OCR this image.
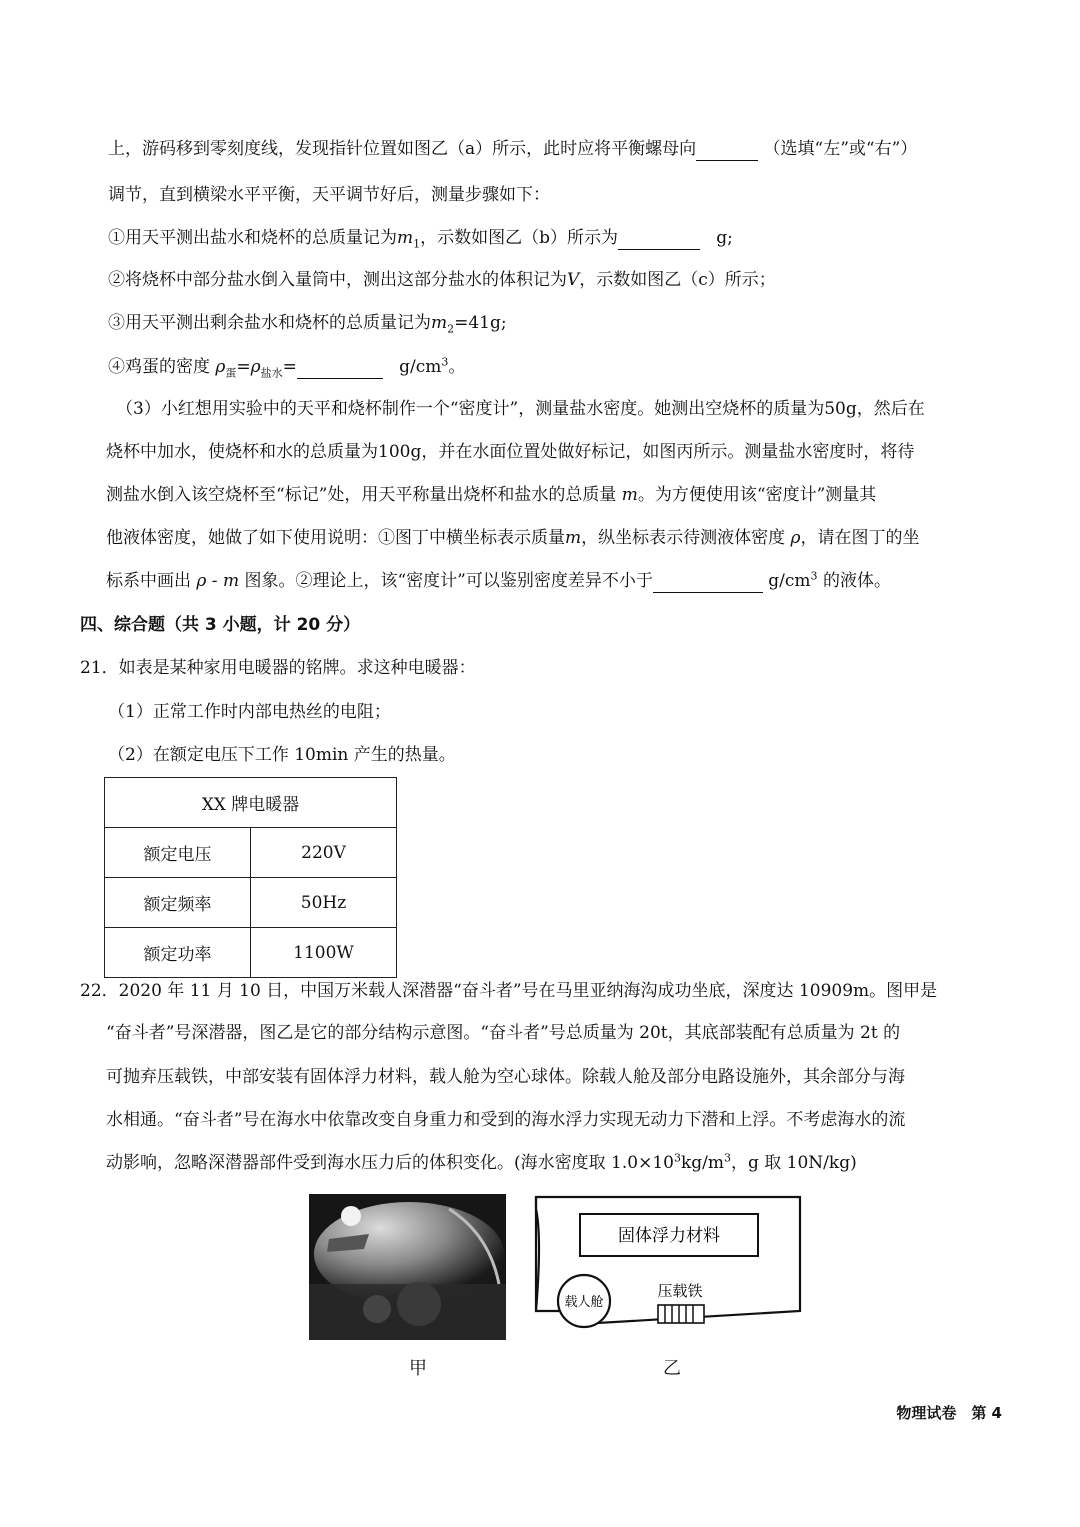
上，游码移到零刻度线，发现指针位置如图乙（a）所示，此时应将平衡螺母向	（选填“左”或“右”）
调节，直到横梁水平平衡，天平调节好后，测量步骤如下：
①用天平测出盐水和烧杯的总质量记为$m_1$，示数如图乙（b）所示为	g;
②将烧杯中部分盐水倒入量筒中，测出这部分盐水的体积记为V，示数如图乙（c）所示；
③用天平测出剩余盐水和烧杯的总质量记为$m_2=41g$;
④鸡蛋的密度 $\rho_蛋=\rho_{盐水}=$	$g/cm^3$。
（3）小红想用实验中的天平和烧杯制作一个“密度计”，测量盐水密度。她测出空烧杯的质量为50g，然后在
烧杯中加水，使烧杯和水的总质量为100g，并在水面位置处做好标记，如图丙所示。测量盐水密度时，将待
测盐水倒入该空烧杯至“标记”处，用天平称量出烧杯和盐水的总质量 m。为方便使用该“密度计”测量其
他液体密度，她做了如下使用说明：①图丁中横坐标表示质量m，纵坐标表示待测液体密度 ρ，请在图丁的坐
标系中画出 ρ - m 图象。②理论上，该“密度计”可以鉴别密度差异不小于	$g/cm^3$ 的液体。
四、综合题（共 3 小题，计 20 分）
21．如表是某种家用电暖器的铭牌。求这种电暖器：
（1）正常工作时内部电热丝的电阻；
（2）在额定电压下工作 10min 产生的热量。
XX 牌电暖器	
额定电压	220V
额定频率	50Hz
额定功率	1100W
22．2020 年 11 月 10 日，中国万米载人深潜器“奋斗者”号在马里亚纳海沟成功坐底，深度达 10909m。图甲是
“奋斗者”号深潜器，图乙是它的部分结构示意图。“奋斗者”号总质量为 20t，其底部装配有总质量为 2t 的
可抛弃压载铁，中部安装有固体浮力材料，载人舱为空心球体。除载人舱及部分电路设施外，其余部分与海
水相通。“奋斗者”号在海水中依靠改变自身重力和受到的海水浮力实现无动力下潜和上浮。不考虑海水的流
动影响，忽略深潜器部件受到海水压力后的体积变化。(海水密度取 $1.0\times 10^3kg/m^3$，g 取 10N/kg)
固体浮力材料
载人舱
压载铁
甲	乙
物理试卷　第 4
